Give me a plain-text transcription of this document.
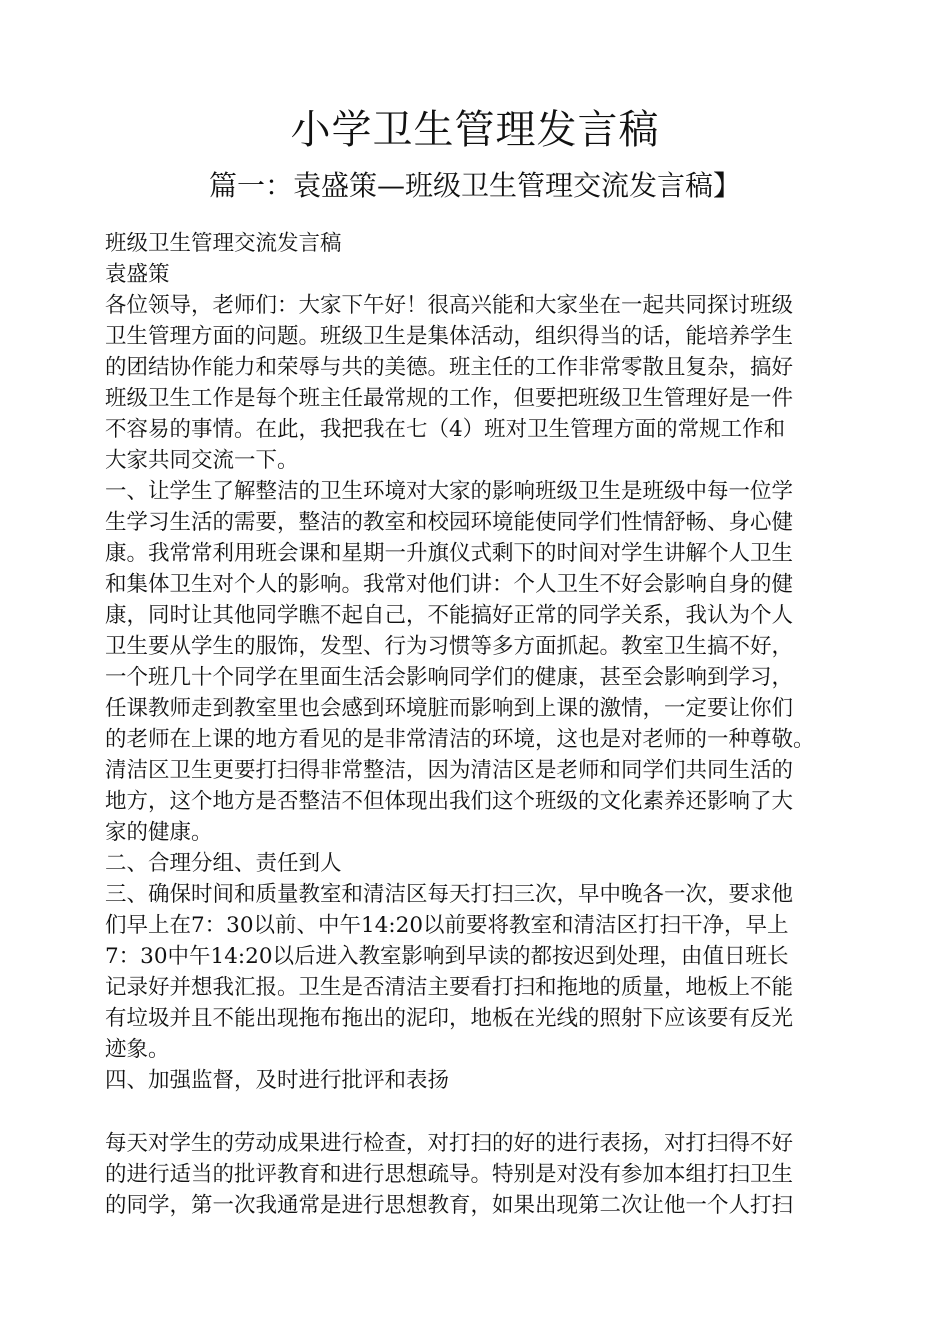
小学卫生管理发言稿
篇一：袁盛策—班级卫生管理交流发言稿】
班级卫生管理交流发言稿
袁盛策
各位领导，老师们：大家下午好！很高兴能和大家坐在一起共同探讨班级
卫生管理方面的问题。班级卫生是集体活动，组织得当的话，能培养学生
的团结协作能力和荣辱与共的美德。班主任的工作非常零散且复杂，搞好
班级卫生工作是每个班主任最常规的工作，但要把班级卫生管理好是一件
不容易的事情。在此，我把我在七（4）班对卫生管理方面的常规工作和
大家共同交流一下。
一、让学生了解整洁的卫生环境对大家的影响班级卫生是班级中每一位学
生学习生活的需要，整洁的教室和校园环境能使同学们性情舒畅、身心健
康。我常常利用班会课和星期一升旗仪式剩下的时间对学生讲解个人卫生
和集体卫生对个人的影响。我常对他们讲：个人卫生不好会影响自身的健
康，同时让其他同学瞧不起自己，不能搞好正常的同学关系，我认为个人
卫生要从学生的服饰，发型、行为习惯等多方面抓起。教室卫生搞不好，
一个班几十个同学在里面生活会影响同学们的健康，甚至会影响到学习，
任课教师走到教室里也会感到环境脏而影响到上课的激情，一定要让你们
的老师在上课的地方看见的是非常清洁的环境，这也是对老师的一种尊敬。
清洁区卫生更要打扫得非常整洁，因为清洁区是老师和同学们共同生活的
地方，这个地方是否整洁不但体现出我们这个班级的文化素养还影响了大
家的健康。
二、合理分组、责任到人
三、确保时间和质量教室和清洁区每天打扫三次，早中晚各一次，要求他
们早上在7：30以前、中午14:20以前要将教室和清洁区打扫干净，早上
7：30中午14:20以后进入教室影响到早读的都按迟到处理，由值日班长
记录好并想我汇报。卫生是否清洁主要看打扫和拖地的质量，地板上不能
有垃圾并且不能出现拖布拖出的泥印，地板在光线的照射下应该要有反光
迹象。
四、加强监督，及时进行批评和表扬
每天对学生的劳动成果进行检查，对打扫的好的进行表扬，对打扫得不好
的进行适当的批评教育和进行思想疏导。特别是对没有参加本组打扫卫生
的同学，第一次我通常是进行思想教育，如果出现第二次让他一个人打扫
